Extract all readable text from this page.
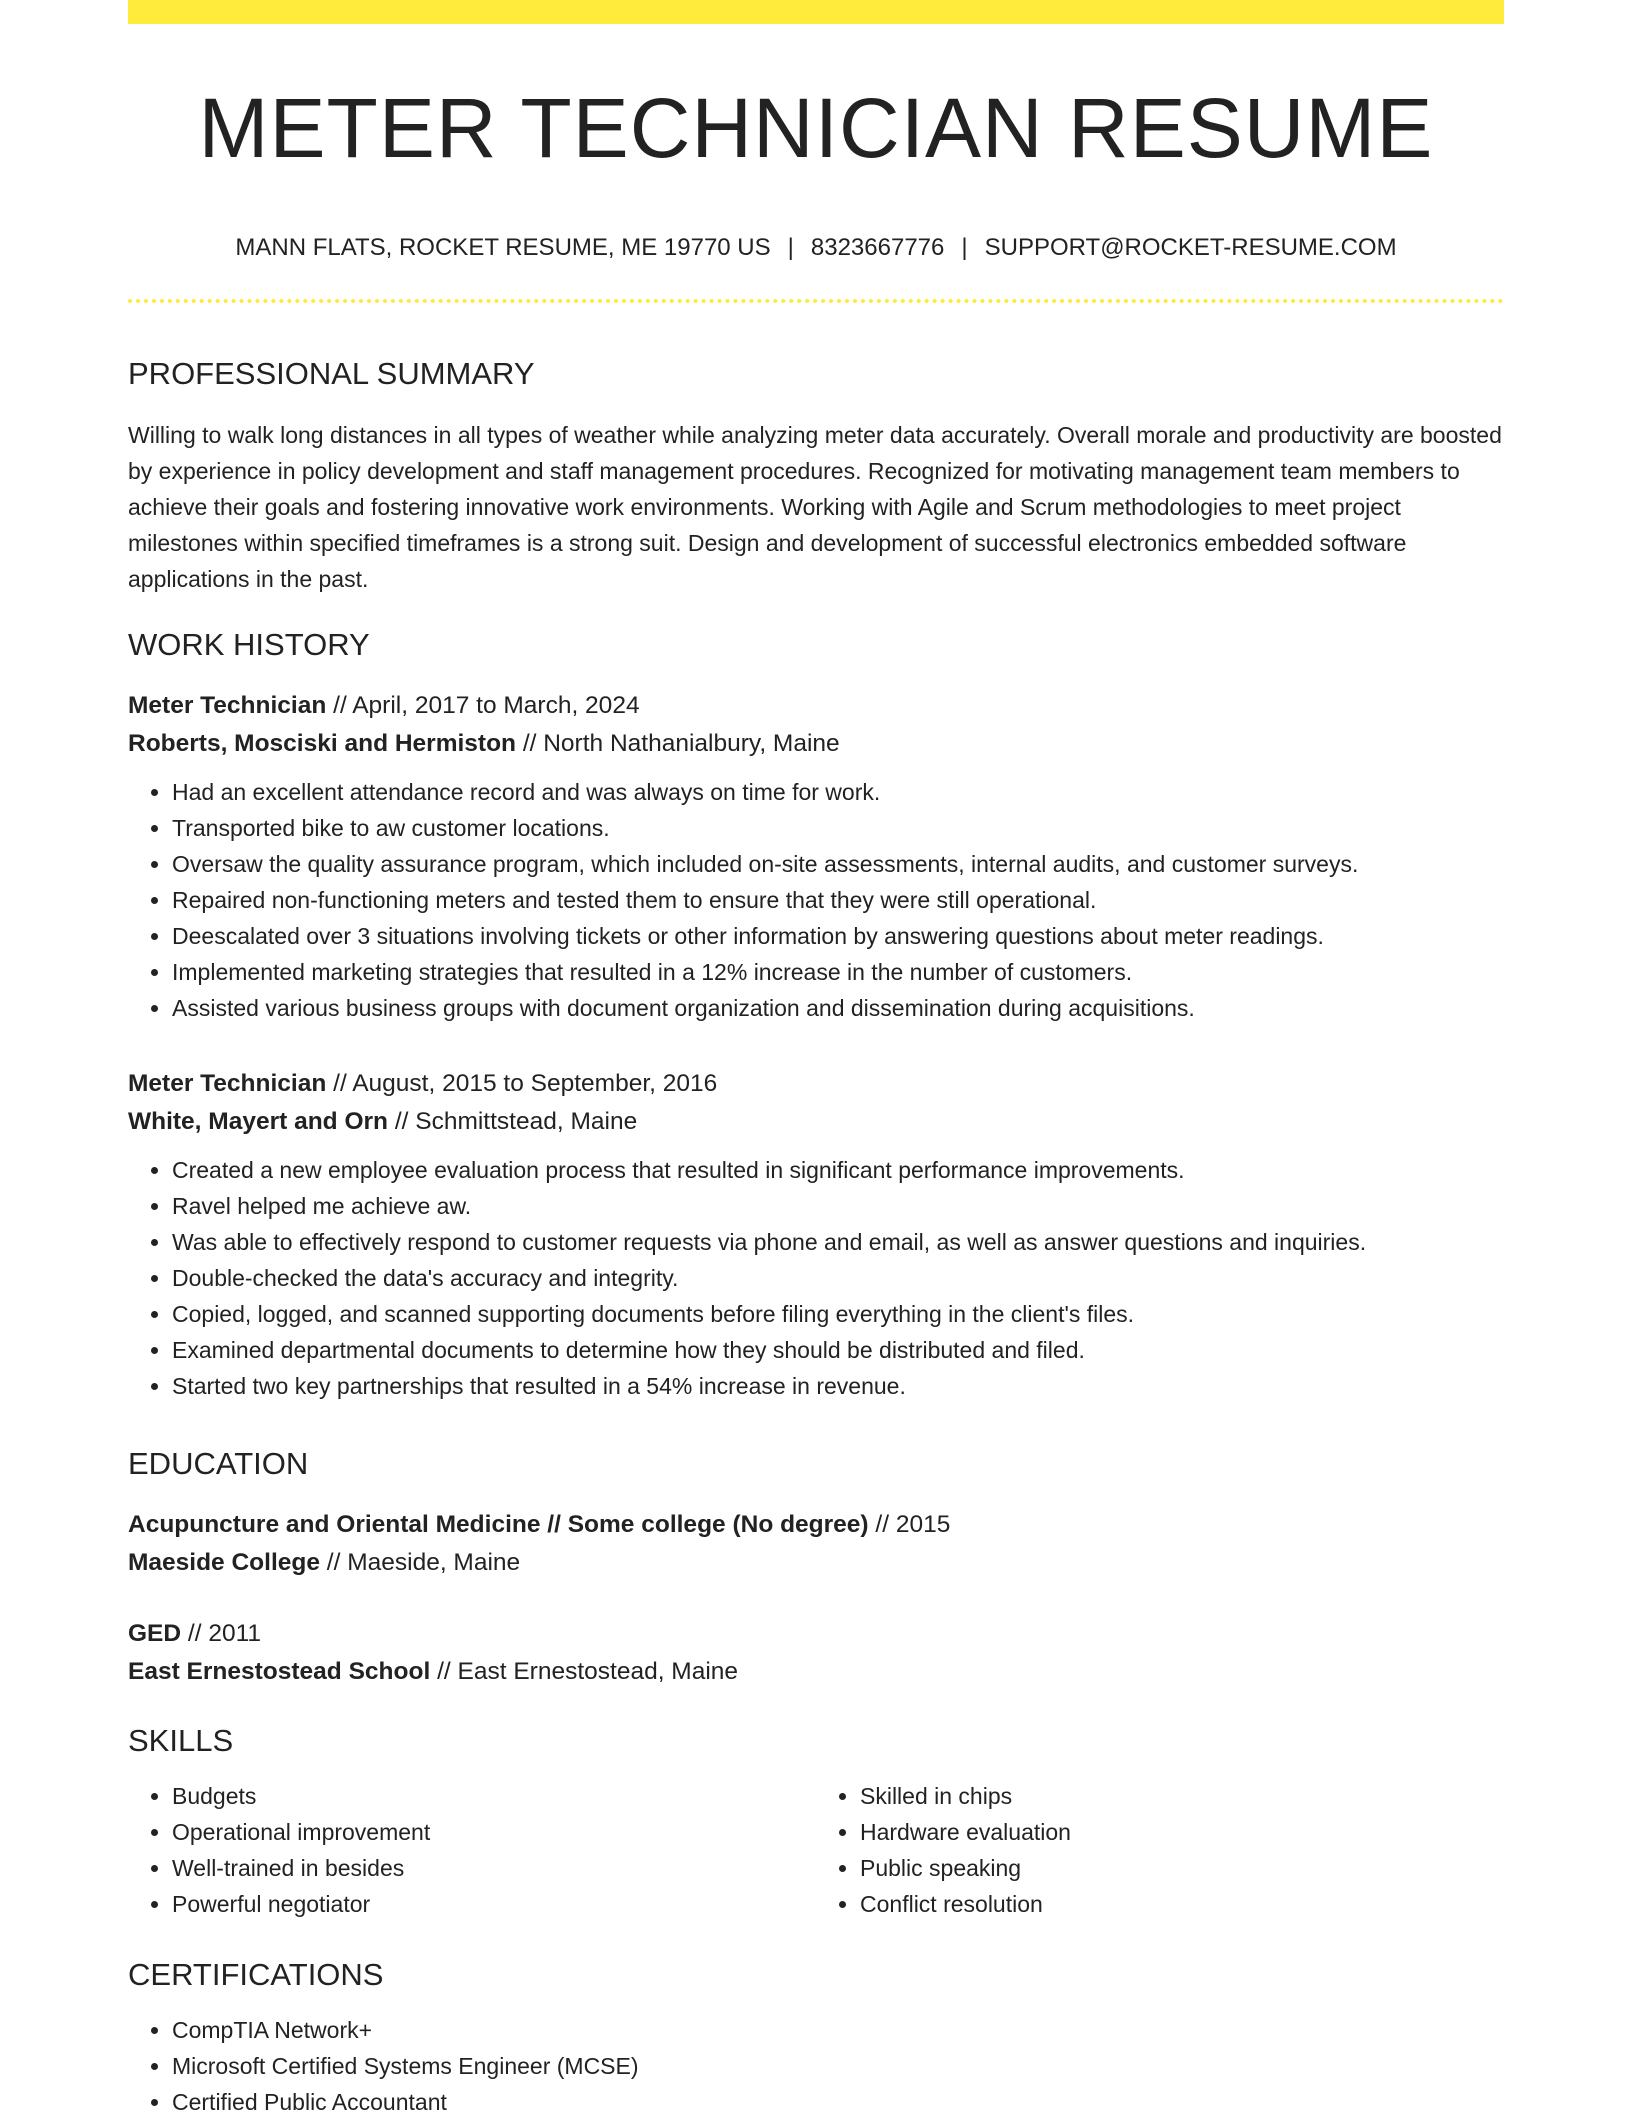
METER TECHNICIAN RESUME
MANN FLATS, ROCKET RESUME, ME 19770 US | 8323667776 | SUPPORT@ROCKET-RESUME.COM
PROFESSIONAL SUMMARY

Willing to walk long distances in all types of weather while analyzing meter data accurately. Overall morale and productivity are boosted by experience in policy development and staff management procedures. Recognized for motivating management team members to achieve their goals and fostering innovative work environments. Working with Agile and Scrum methodologies to meet project milestones within specified timeframes is a strong suit. Design and development of successful electronics embedded software applications in the past.

WORK HISTORY
Meter Technician // April, 2017 to March, 2024
Roberts, Mosciski and Hermiston // North Nathanialbury, Maine
• Had an excellent attendance record and was always on time for work.
• Transported bike to aw customer locations.
• Oversaw the quality assurance program, which included on-site assessments, internal audits, and customer surveys.
• Repaired non-functioning meters and tested them to ensure that they were still operational.
• Deescalated over 3 situations involving tickets or other information by answering questions about meter readings.
• Implemented marketing strategies that resulted in a 12% increase in the number of customers.
• Assisted various business groups with document organization and dissemination during acquisitions.
Meter Technician // August, 2015 to September, 2016
White, Mayert and Orn // Schmittstead, Maine
• Created a new employee evaluation process that resulted in significant performance improvements.
• Ravel helped me achieve aw.
• Was able to effectively respond to customer requests via phone and email, as well as answer questions and inquiries.
• Double-checked the data's accuracy and integrity.
• Copied, logged, and scanned supporting documents before filing everything in the client's files.
• Examined departmental documents to determine how they should be distributed and filed.
• Started two key partnerships that resulted in a 54% increase in revenue.
EDUCATION
Acupuncture and Oriental Medicine // Some college (No degree) // 2015
Maeside College // Maeside, Maine
GED // 2011
East Ernestostead School // East Ernestostead, Maine
SKILLS
• Budgets
• Operational improvement
• Well-trained in besides
• Powerful negotiator
• Skilled in chips
• Hardware evaluation
• Public speaking
• Conflict resolution
CERTIFICATIONS
• CompTIA Network+
• Microsoft Certified Systems Engineer (MCSE)
• Certified Public Accountant
